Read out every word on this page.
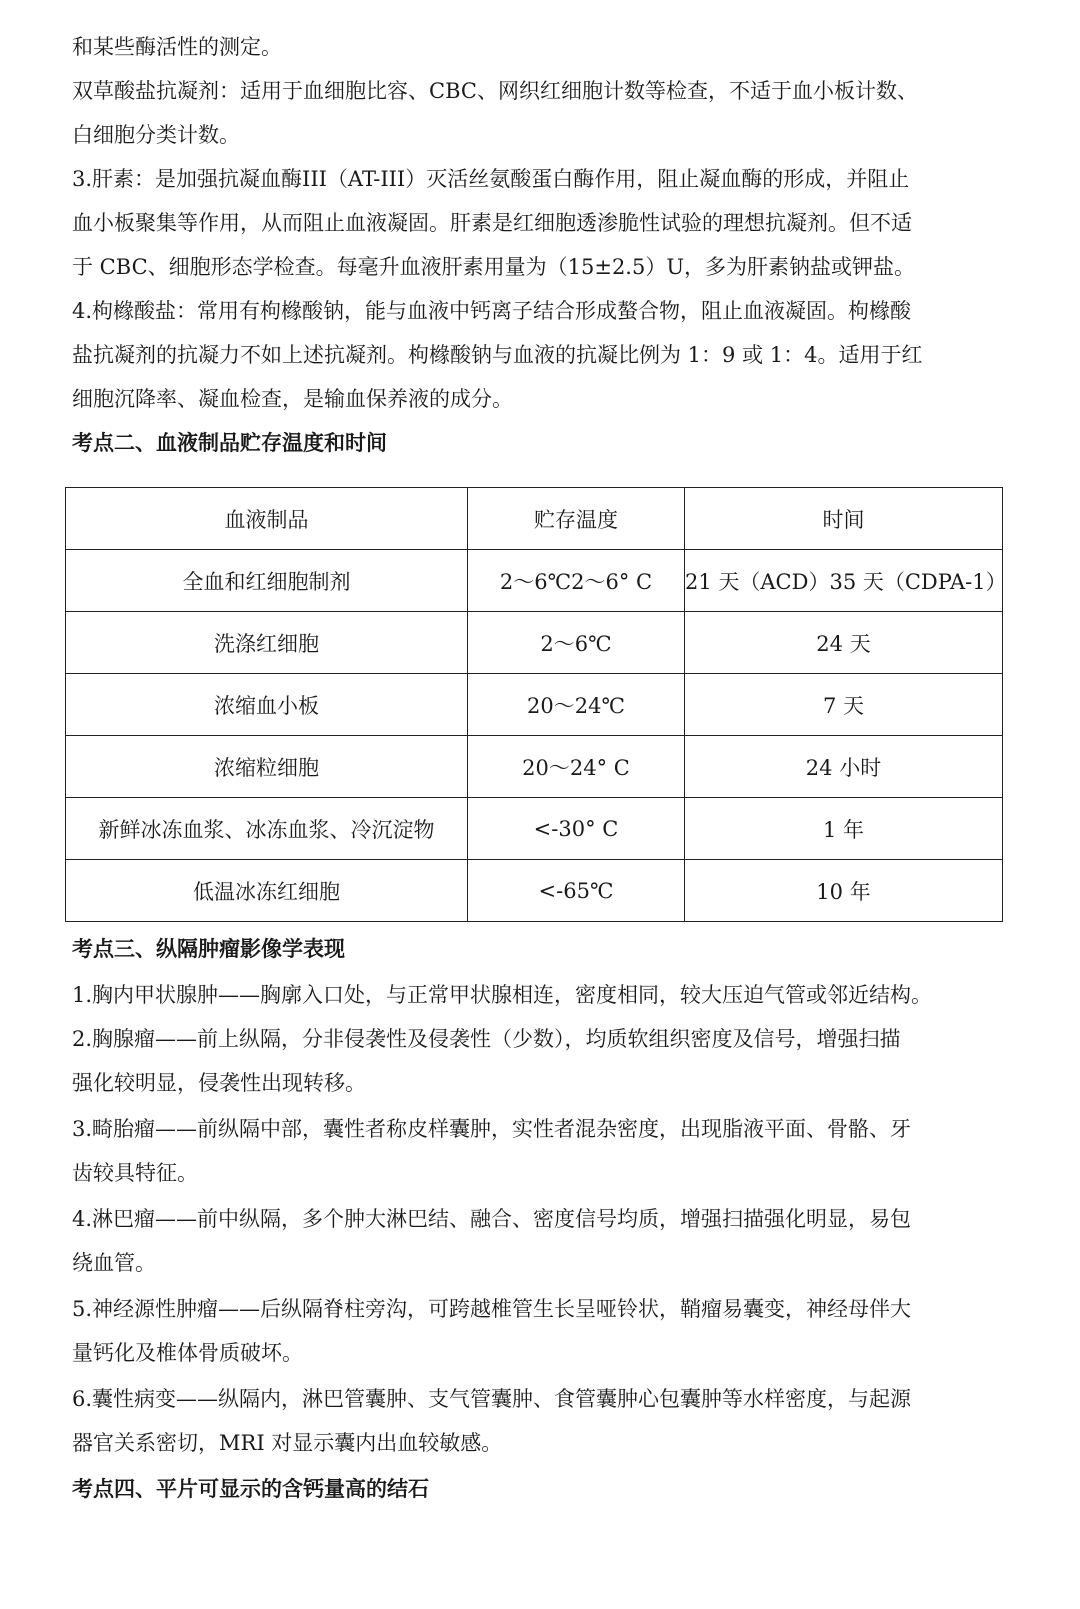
和某些酶活性的测定。
双草酸盐抗凝剂：适用于血细胞比容、CBC、网织红细胞计数等检查，不适于血小板计数、
白细胞分类计数。
3.肝素：是加强抗凝血酶III（AT-III）灭活丝氨酸蛋白酶作用，阻止凝血酶的形成，并阻止
血小板聚集等作用，从而阻止血液凝固。肝素是红细胞透渗脆性试验的理想抗凝剂。但不适
于 CBC、细胞形态学检查。每毫升血液肝素用量为（15±2.5）U，多为肝素钠盐或钾盐。
4.枸橼酸盐：常用有枸橼酸钠，能与血液中钙离子结合形成螯合物，阻止血液凝固。枸橼酸
盐抗凝剂的抗凝力不如上述抗凝剂。枸橼酸钠与血液的抗凝比例为 1：9 或 1：4。适用于红
细胞沉降率、凝血检查，是输血保养液的成分。
考点二、血液制品贮存温度和时间
血液制品	贮存温度	时间
全血和红细胞制剂	2～6℃2～6° C	21 天（ACD）35 天（CDPA-1）
洗涤红细胞	2～6℃	24 天
浓缩血小板	20～24℃	7 天
浓缩粒细胞	20～24° C	24 小时
新鲜冰冻血浆、冰冻血浆、冷沉淀物	<-30° C	1 年
低温冰冻红细胞	<-65℃	10 年
考点三、纵隔肿瘤影像学表现
1.胸内甲状腺肿——胸廓入口处，与正常甲状腺相连，密度相同，较大压迫气管或邻近结构。
2.胸腺瘤——前上纵隔，分非侵袭性及侵袭性（少数），均质软组织密度及信号，增强扫描
强化较明显，侵袭性出现转移。
3.畸胎瘤——前纵隔中部，囊性者称皮样囊肿，实性者混杂密度，出现脂液平面、骨骼、牙
齿较具特征。
4.淋巴瘤——前中纵隔，多个肿大淋巴结、融合、密度信号均质，增强扫描强化明显，易包
绕血管。
5.神经源性肿瘤——后纵隔脊柱旁沟，可跨越椎管生长呈哑铃状，鞘瘤易囊变，神经母伴大
量钙化及椎体骨质破坏。
6.囊性病变——纵隔内，淋巴管囊肿、支气管囊肿、食管囊肿心包囊肿等水样密度，与起源
器官关系密切，MRI 对显示囊内出血较敏感。
考点四、平片可显示的含钙量高的结石
